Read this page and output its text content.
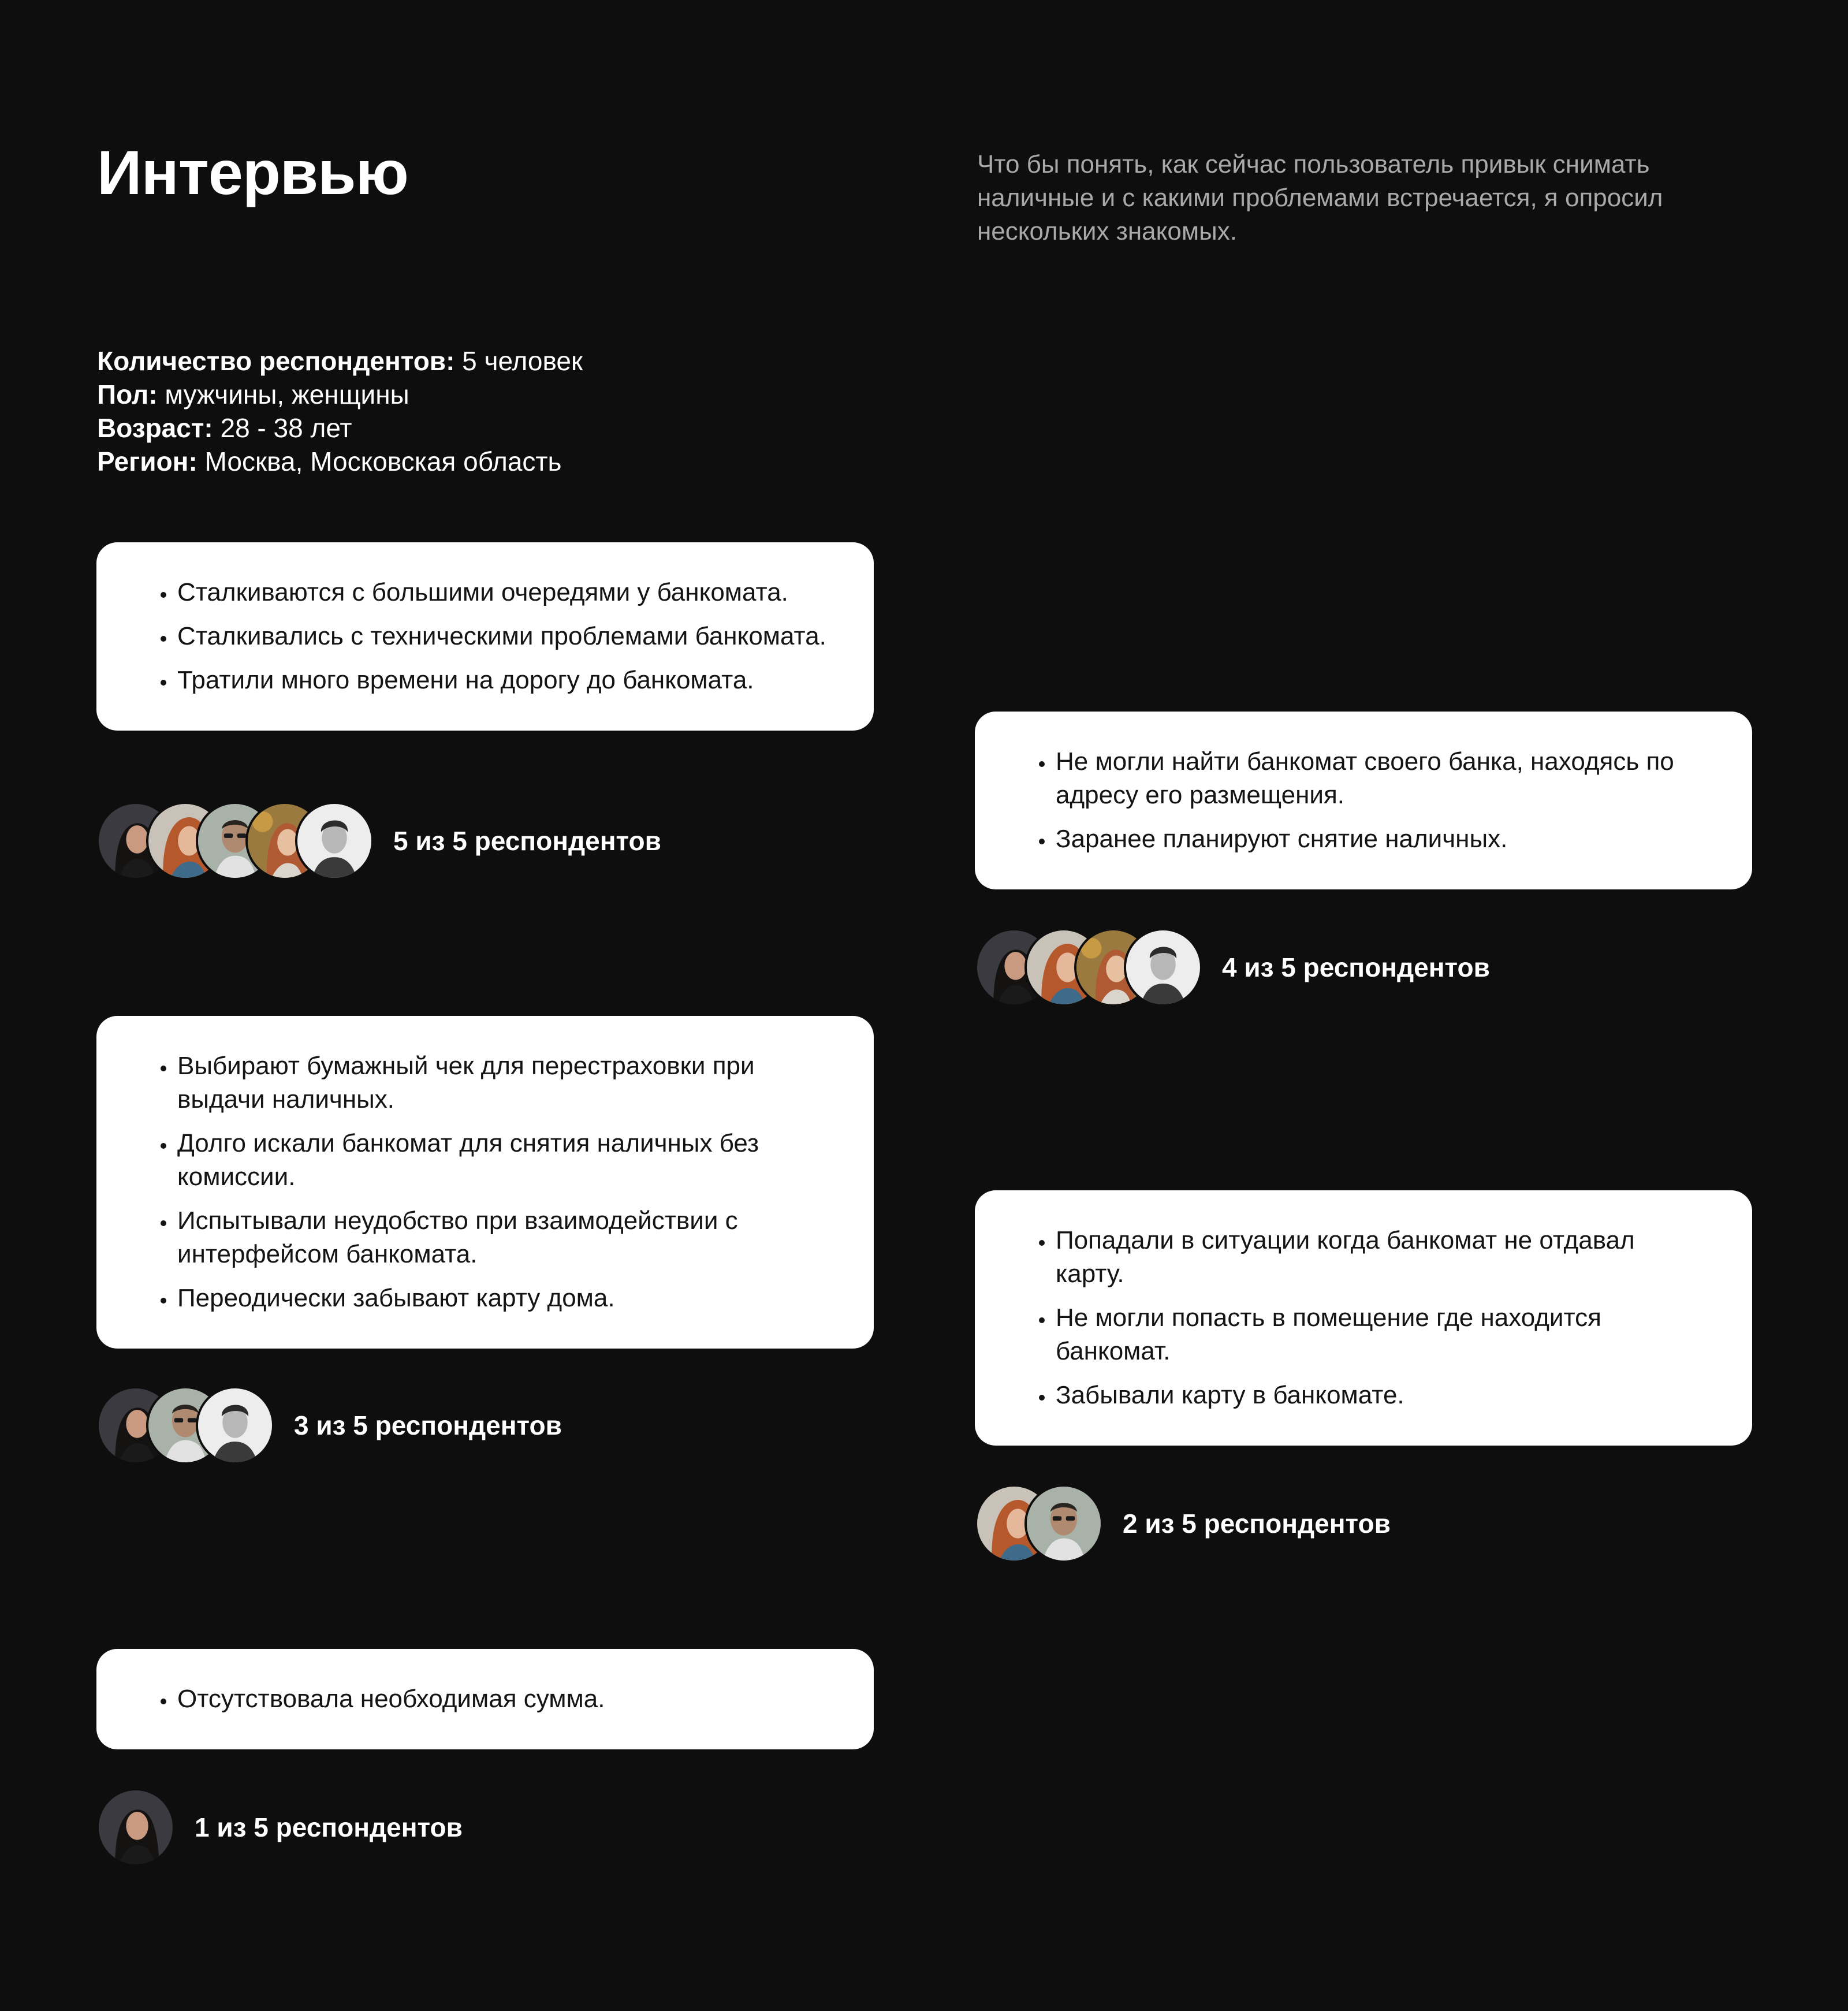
Интервью	Что бы понять, как сейчас пользователь привык снимать наличные и с какими проблемами встречается, я опросил нескольких знакомых.

Количество респондентов: 5 человек
Пол: мужчины, женщины
Возраст: 28 - 38 лет
Регион: Москва, Московская область
• Сталкиваются с большими очередями у банкомата.
• Сталкивались с техническими проблемами банкомата.
• Тратили много времени на дорогу до банкомата.
5 из 5 респондентов
• Не могли найти банкомат своего банка, находясь по адресу его размещения.
• Заранее планируют снятие наличных.
4 из 5 респондентов
• Выбирают бумажный чек для перестраховки при выдачи наличных.
• Долго искали банкомат для снятия наличных без комиссии.
• Испытывали неудобство при взаимодействии с интерфейсом банкомата.
• Переодически забывают карту дома.
3 из 5 респондентов
• Попадали в ситуации когда банкомат не отдавал карту.
• Не могли попасть в помещение где находится банкомат.
• Забывали карту в банкомате.
2 из 5 респондентов
• Отсутствовала необходимая сумма.
1 из 5 респондентов
